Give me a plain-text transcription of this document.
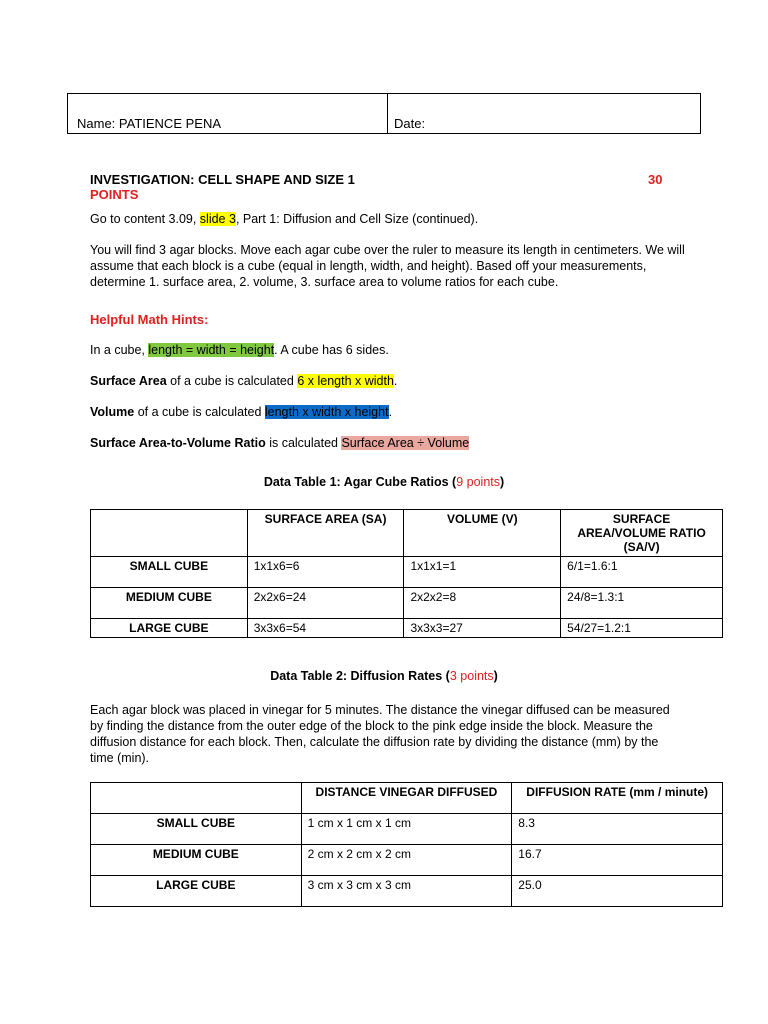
Name: PATIENCE PENA	Date:
INVESTIGATION: CELL SHAPE AND SIZE 1	30
POINTS
Go to content 3.09, slide 3, Part 1: Diffusion and Cell Size (continued).
You will find 3 agar blocks. Move each agar cube over the ruler to measure its length in centimeters. We will assume that each block is a cube (equal in length, width, and height). Based off your measurements, determine 1. surface area, 2. volume, 3. surface area to volume ratios for each cube.
Helpful Math Hints:
In a cube, length = width = height. A cube has 6 sides.
Surface Area of a cube is calculated 6 x length x width.
Volume of a cube is calculated length x width x height.
Surface Area-to-Volume Ratio is calculated Surface Area ÷ Volume
Data Table 1: Agar Cube Ratios (9 points)
	SURFACE AREA (SA)	VOLUME (V)	SURFACE AREA/VOLUME RATIO (SA/V)
SMALL CUBE	1x1x6=6	1x1x1=1	6/1=1.6:1
MEDIUM CUBE	2x2x6=24	2x2x2=8	24/8=1.3:1
LARGE CUBE	3x3x6=54	3x3x3=27	54/27=1.2:1
Data Table 2: Diffusion Rates (3 points)
Each agar block was placed in vinegar for 5 minutes. The distance the vinegar diffused can be measured by finding the distance from the outer edge of the block to the pink edge inside the block. Measure the diffusion distance for each block. Then, calculate the diffusion rate by dividing the distance (mm) by the time (min).
	DISTANCE VINEGAR DIFFUSED	DIFFUSION RATE (mm / minute)
SMALL CUBE	1 cm x 1 cm x 1 cm	8.3
MEDIUM CUBE	2 cm x 2 cm x 2 cm	16.7
LARGE CUBE	3 cm x 3 cm x 3 cm	25.0
